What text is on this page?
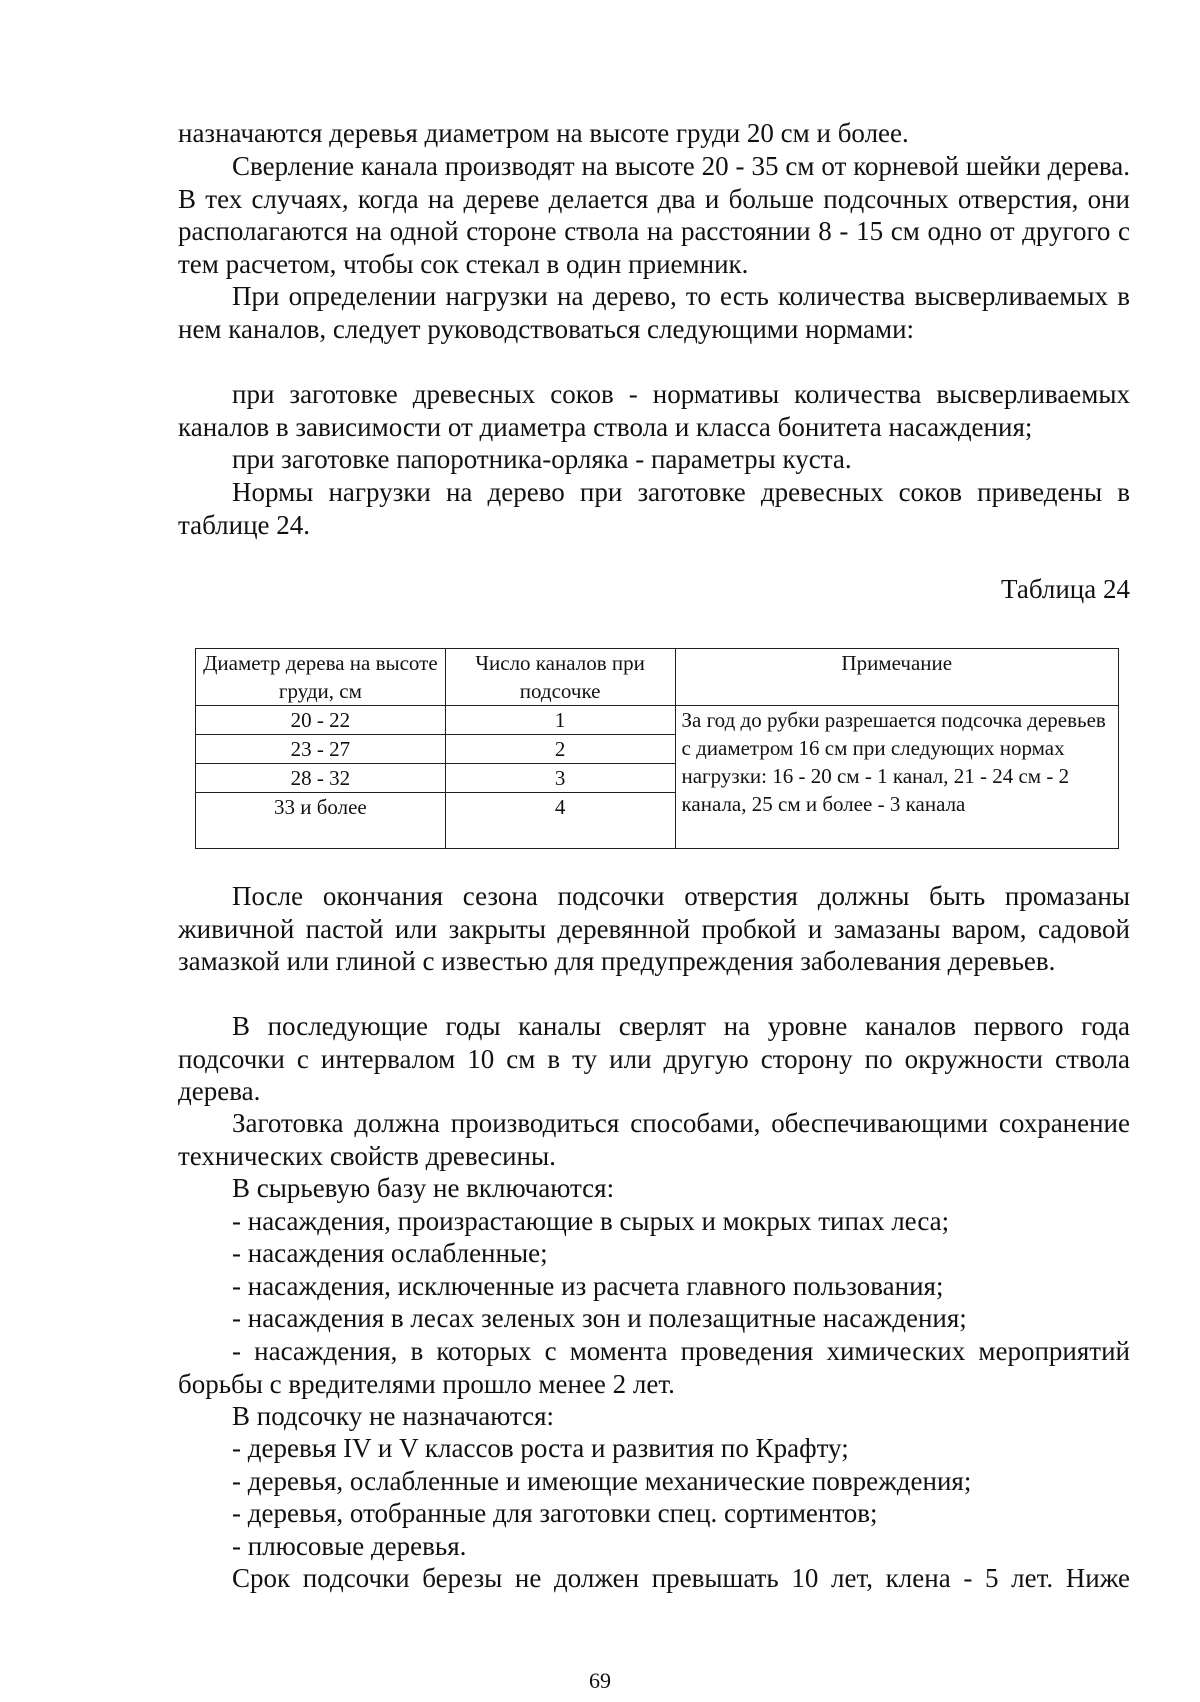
назначаются деревья диаметром на высоте груди 20 см и более.

Сверление канала производят на высоте 20 - 35 см от корневой шейки дерева. В тех случаях, когда на дереве делается два и больше подсочных отверстия, они располагаются на одной стороне ствола на расстоянии 8 - 15 см одно от другого с тем расчетом, чтобы сок стекал в один приемник.

При определении нагрузки на дерево, то есть количества высверливаемых в нем каналов, следует руководствоваться следующими нормами:

при заготовке древесных соков - нормативы количества высверливаемых каналов в зависимости от диаметра ствола и класса бонитета насаждения;

при заготовке папоротника-орляка - параметры куста.

Нормы нагрузки на дерево при заготовке древесных соков приведены в таблице 24.

Таблица 24

Диаметр дерева на высоте груди, см	Число каналов при подсочке	Примечание
20 - 22	1	За год до рубки разрешается подсочка деревьев с диаметром 16 см при следующих нормах нагрузки: 16 - 20 см - 1 канал, 21 - 24 см - 2 канала, 25 см и более - 3 канала
23 - 27	2	
28 - 32	3	
33 и более	4	

После окончания сезона подсочки отверстия должны быть промазаны живичной пастой или закрыты деревянной пробкой и замазаны варом, садовой замазкой или глиной с известью для предупреждения заболевания деревьев.

В последующие годы каналы сверлят на уровне каналов первого года подсочки с интервалом 10 см в ту или другую сторону по окружности ствола дерева.

Заготовка должна производиться способами, обеспечивающими сохранение технических свойств древесины.

В сырьевую базу не включаются:

- насаждения, произрастающие в сырых и мокрых типах леса;

- насаждения ослабленные;

- насаждения, исключенные из расчета главного пользования;

- насаждения в лесах зеленых зон и полезащитные насаждения;

- насаждения, в которых с момента проведения химических мероприятий борьбы с вредителями прошло менее 2 лет.

В подсочку не назначаются:

- деревья IV и V классов роста и развития по Крафту;

- деревья, ослабленные и имеющие механические повреждения;

- деревья, отобранные для заготовки спец. сортиментов;

- плюсовые деревья.

Срок подсочки березы не должен превышать 10 лет, клена - 5 лет. Ниже

69
